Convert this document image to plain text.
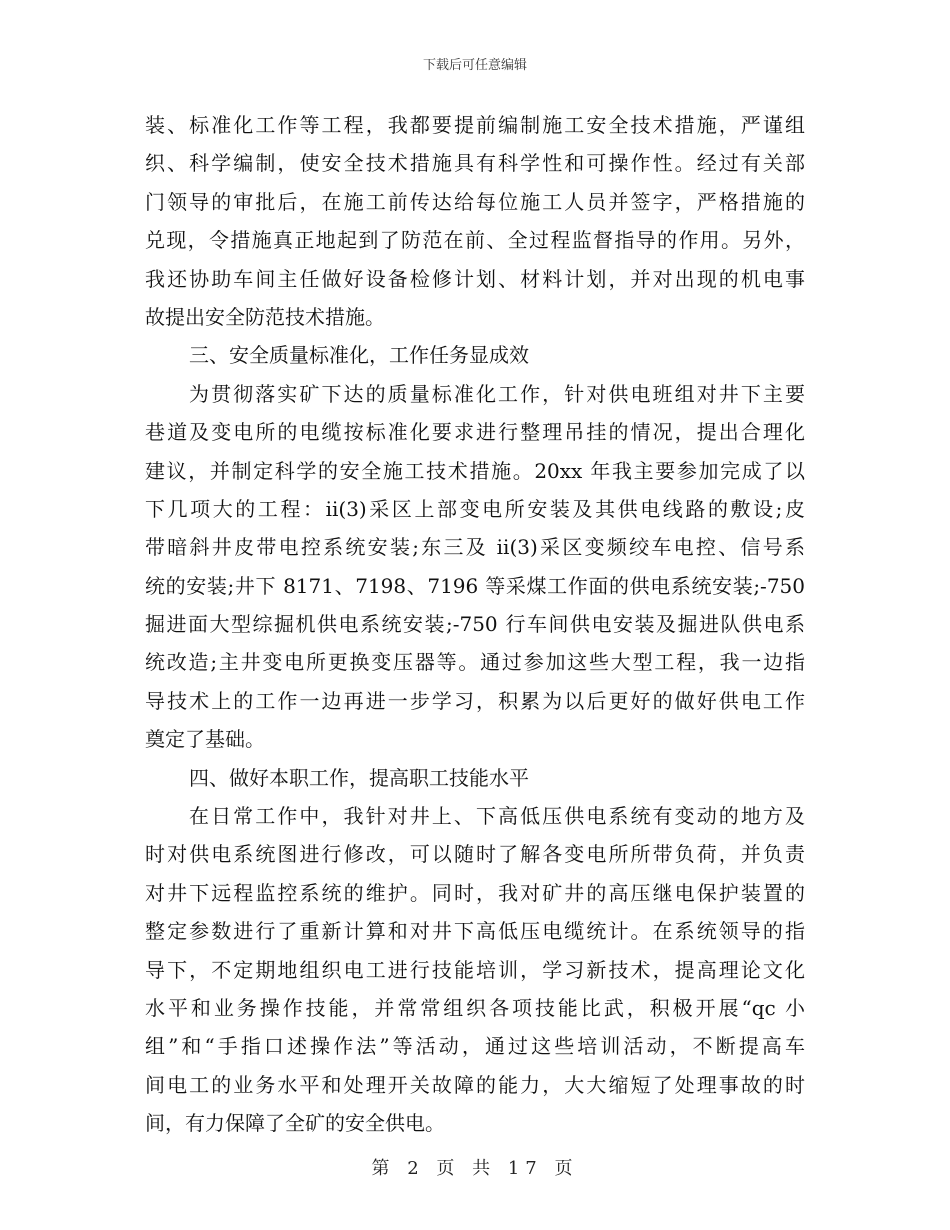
下载后可任意编辑
装、标准化工作等工程，我都要提前编制施工安全技术措施，严谨组
织、科学编制，使安全技术措施具有科学性和可操作性。经过有关部
门领导的审批后，在施工前传达给每位施工人员并签字，严格措施的
兑现，令措施真正地起到了防范在前、全过程监督指导的作用。另外，
我还协助车间主任做好设备检修计划、材料计划，并对出现的机电事
故提出安全防范技术措施。
三、安全质量标准化，工作任务显成效
为贯彻落实矿下达的质量标准化工作，针对供电班组对井下主要
巷道及变电所的电缆按标准化要求进行整理吊挂的情况，提出合理化
建议，并制定科学的安全施工技术措施。20xx 年我主要参加完成了以
下几项大的工程：ii(3)采区上部变电所安装及其供电线路的敷设;皮
带暗斜井皮带电控系统安装;东三及 ii(3)采区变频绞车电控、信号系
统的安装;井下 8171、7198、7196 等采煤工作面的供电系统安装;-750
掘进面大型综掘机供电系统安装;-750 行车间供电安装及掘进队供电系
统改造;主井变电所更换变压器等。通过参加这些大型工程，我一边指
导技术上的工作一边再进一步学习，积累为以后更好的做好供电工作
奠定了基础。
四、做好本职工作，提高职工技能水平
在日常工作中，我针对井上、下高低压供电系统有变动的地方及
时对供电系统图进行修改，可以随时了解各变电所所带负荷，并负责
对井下远程监控系统的维护。同时，我对矿井的高压继电保护装置的
整定参数进行了重新计算和对井下高低压电缆统计。在系统领导的指
导下，不定期地组织电工进行技能培训，学习新技术，提高理论文化
水平和业务操作技能，并常常组织各项技能比武，积极开展“qc 小
组”和“手指口述操作法”等活动，通过这些培训活动，不断提高车
间电工的业务水平和处理开关故障的能力，大大缩短了处理事故的时
间，有力保障了全矿的安全供电。
第 2 页 共 17 页
